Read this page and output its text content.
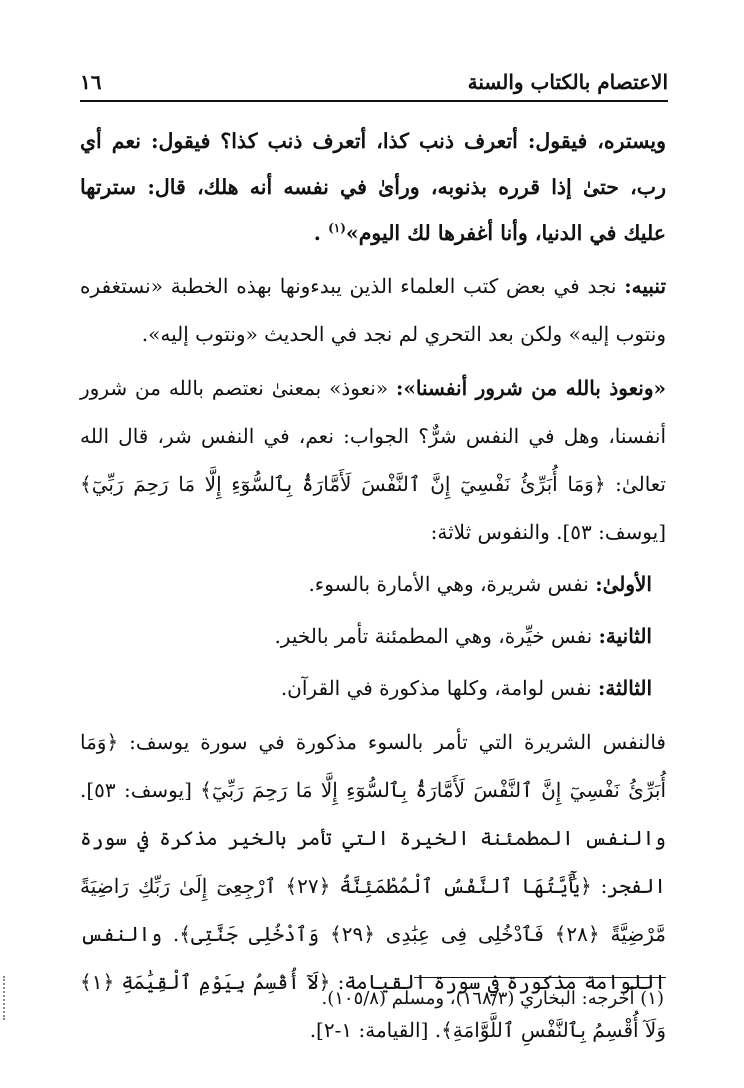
الاعتصام بالكتاب والسنة
١٦

ويستره، فيقول: أتعرف ذنب كذا، أتعرف ذنب كذا؟ فيقول: نعم أي رب، حتىٰ إذا قرره بذنوبه، ورأىٰ في نفسه أنه هلك، قال: سترتها عليك في الدنيا، وأنا أغفرها لك اليوم»$^{(١)}$ .

تنبيه: نجد في بعض كتب العلماء الذين يبدءونها بهذه الخطبة «نستغفره ونتوب إليه» ولكن بعد التحري لم نجد في الحديث «ونتوب إليه».

«ونعوذ بالله من شرور أنفسنا»: «نعوذ» بمعنىٰ نعتصم بالله من شرور أنفسنا، وهل في النفس شرٌّ؟ الجواب: نعم، في النفس شر، قال الله تعالىٰ: ﴿وَمَا أُبَرِّئُ نَفْسِيٓ إِنَّ ٱلنَّفْسَ لَأَمَّارَةُۢ بِٱلسُّوٓءِ إِلَّا مَا رَحِمَ رَبِّيٓ﴾ [يوسف: ٥٣]. والنفوس ثلاثة:

الأولىٰ: نفس شريرة، وهي الأمارة بالسوء.

الثانية: نفس خيِّرة، وهي المطمئنة تأمر بالخير.

الثالثة: نفس لوامة، وكلها مذكورة في القرآن.

فالنفس الشريرة التي تأمر بالسوء مذكورة في سورة يوسف: ﴿وَمَا أُبَرِّئُ نَفْسِيٓ إِنَّ ٱلنَّفْسَ لَأَمَّارَةُۢ بِٱلسُّوٓءِ إِلَّا مَا رَحِمَ رَبِّيٓ﴾ [يوسف: ٥٣]. والنفس المطمئنة الخيرة التي تأمر بالخير مذكرة في سورة الفجر: ﴿يَٰٓأَيَّتُهَا ٱلنَّفْسُ ٱلْمُطْمَئِنَّةُ ﴿٢٧﴾ ٱرْجِعِىٓ إِلَىٰ رَبِّكِ رَاضِيَةً مَّرْضِيَّةً ﴿٢٨﴾ فَٱدْخُلِى فِى عِبَٰدِى ﴿٢٩﴾ وَٱدْخُلِى جَنَّتِى﴾. والنفس اللوامة مذكورة في سورة القيامة: ﴿لَآ أُقْسِمُ بِيَوْمِ ٱلْقِيَٰمَةِ ﴿١﴾ وَلَآ أُقْسِمُ بِٱلنَّفْسِ ٱللَّوَّامَةِ﴾. [القيامة: ١-٢].

(١) أخرجه: البخاري (١٦٨/٣)، ومسلم (١٠٥/٨).
